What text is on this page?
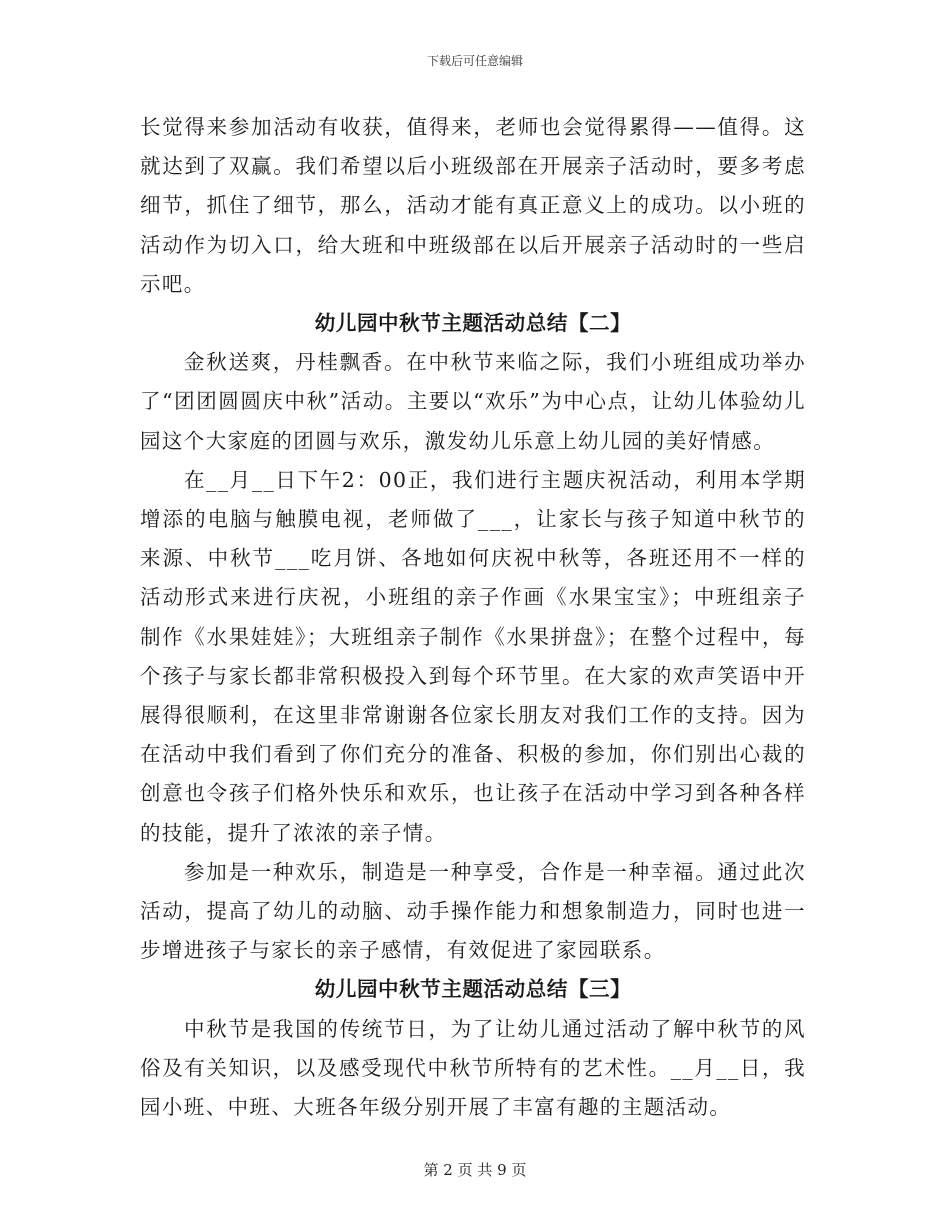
下载后可任意编辑

长觉得来参加活动有收获，值得来，老师也会觉得累得——值得。这就达到了双赢。我们希望以后小班级部在开展亲子活动时，要多考虑细节，抓住了细节，那么，活动才能有真正意义上的成功。以小班的活动作为切入口，给大班和中班级部在以后开展亲子活动时的一些启示吧。

幼儿园中秋节主题活动总结【二】

金秋送爽，丹桂飘香。在中秋节来临之际，我们小班组成功举办了“团团圆圆庆中秋”活动。主要以“欢乐”为中心点，让幼儿体验幼儿园这个大家庭的团圆与欢乐，激发幼儿乐意上幼儿园的美好情感。

在__月__日下午2：00正，我们进行主题庆祝活动，利用本学期增添的电脑与触膜电视，老师做了___，让家长与孩子知道中秋节的来源、中秋节___吃月饼、各地如何庆祝中秋等，各班还用不一样的活动形式来进行庆祝，小班组的亲子作画《水果宝宝》；中班组亲子制作《水果娃娃》；大班组亲子制作《水果拼盘》；在整个过程中，每个孩子与家长都非常积极投入到每个环节里。在大家的欢声笑语中开展得很顺利，在这里非常谢谢各位家长朋友对我们工作的支持。因为在活动中我们看到了你们充分的准备、积极的参加，你们别出心裁的创意也令孩子们格外快乐和欢乐，也让孩子在活动中学习到各种各样的技能，提升了浓浓的亲子情。

参加是一种欢乐，制造是一种享受，合作是一种幸福。通过此次活动，提高了幼儿的动脑、动手操作能力和想象制造力，同时也进一步增进孩子与家长的亲子感情，有效促进了家园联系。

幼儿园中秋节主题活动总结【三】

中秋节是我国的传统节日，为了让幼儿通过活动了解中秋节的风俗及有关知识，以及感受现代中秋节所特有的艺术性。__月__日，我园小班、中班、大班各年级分别开展了丰富有趣的主题活动。

第 2 页 共 9 页
